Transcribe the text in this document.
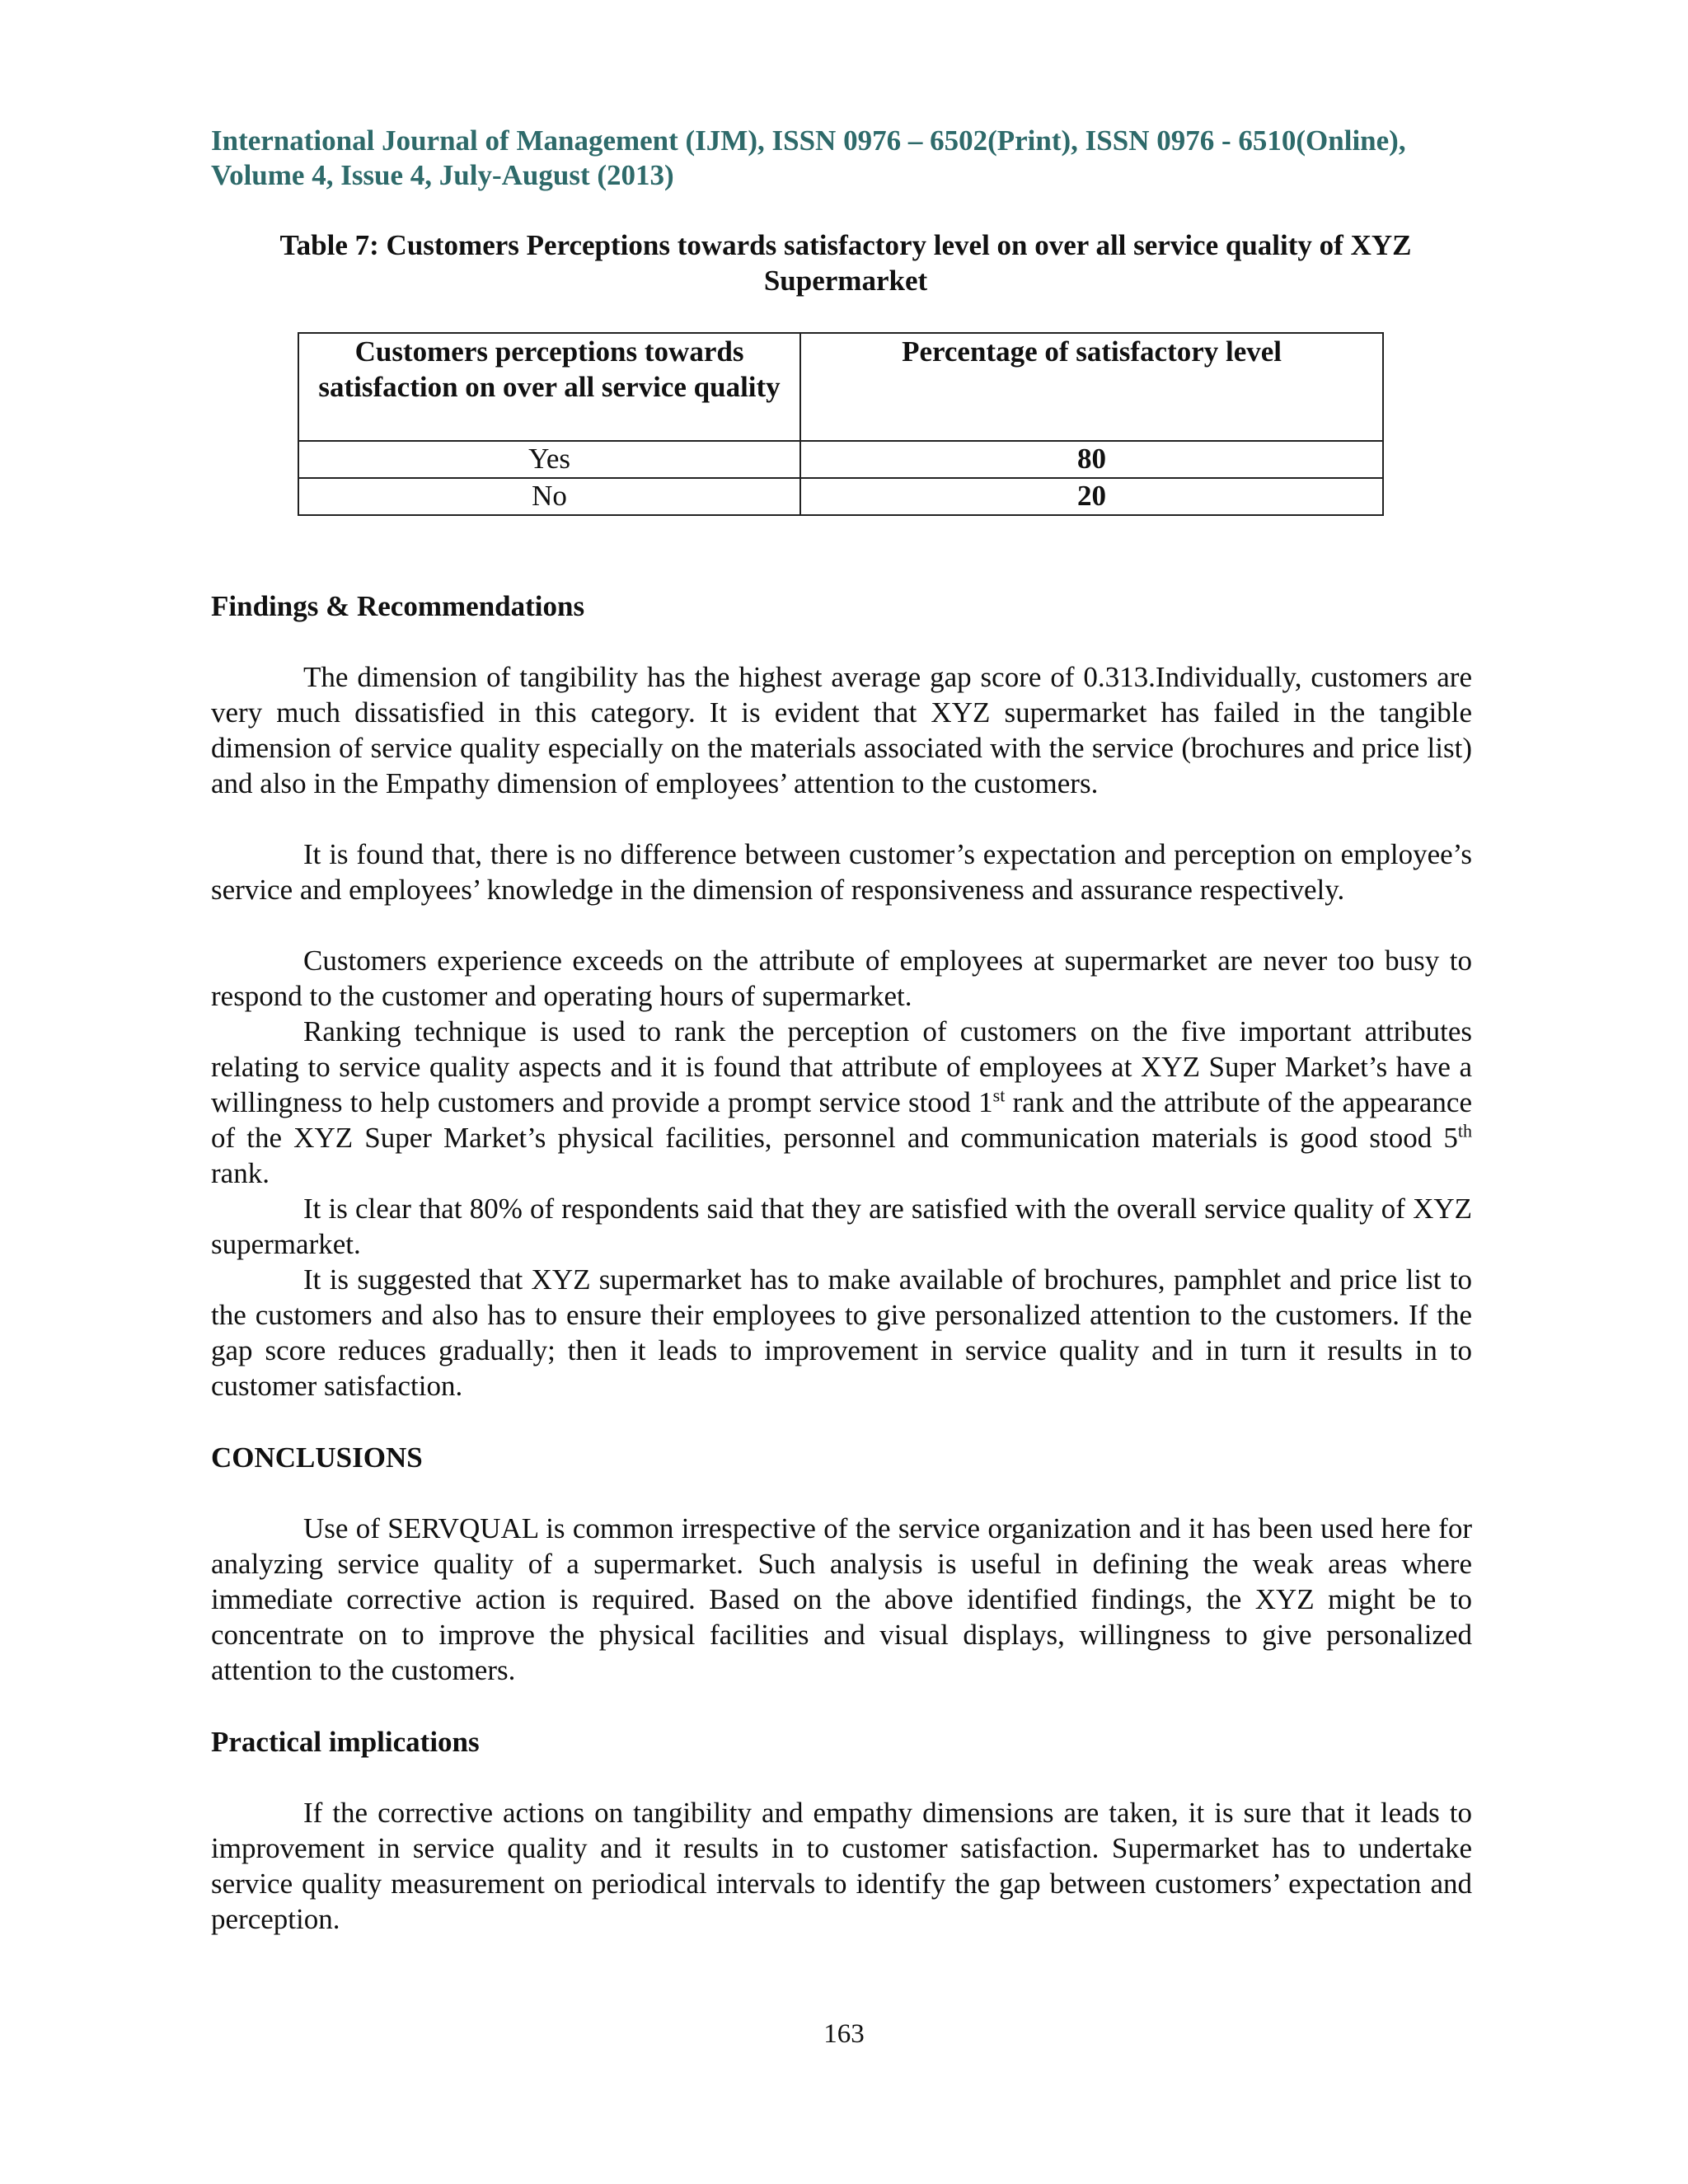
International Journal of Management (IJM), ISSN 0976 – 6502(Print), ISSN 0976 - 6510(Online),
Volume 4, Issue 4, July-August (2013)
Table 7: Customers Perceptions towards satisfactory level on over all service quality of XYZ
Supermarket
Customers perceptions towards satisfaction on over all service quality	Percentage of satisfactory level
Yes	80
No	20
Findings & Recommendations

The dimension of tangibility has the highest average gap score of 0.313.Individually, customers are very much dissatisfied in this category. It is evident that XYZ supermarket has failed in the tangible dimension of service quality especially on the materials associated with the service (brochures and price list) and also in the Empathy dimension of employees’ attention to the customers.

It is found that, there is no difference between customer’s expectation and perception on employee’s service and employees’ knowledge in the dimension of responsiveness and assurance respectively.

Customers experience exceeds on the attribute of employees at supermarket are never too busy to respond to the customer and operating hours of supermarket.

Ranking technique is used to rank the perception of customers on the five important attributes relating to service quality aspects and it is found that attribute of employees at XYZ Super Market’s have a willingness to help customers and provide a prompt service stood 1st rank and the attribute of the appearance of the XYZ Super Market’s physical facilities, personnel and communication materials is good stood 5th rank.

It is clear that 80% of respondents said that they are satisfied with the overall service quality of XYZ supermarket.

It is suggested that XYZ supermarket has to make available of brochures, pamphlet and price list to the customers and also has to ensure their employees to give personalized attention to the customers. If the gap score reduces gradually; then it leads to improvement in service quality and in turn it results in to customer satisfaction.

CONCLUSIONS

Use of SERVQUAL is common irrespective of the service organization and it has been used here for analyzing service quality of a supermarket. Such analysis is useful in defining the weak areas where immediate corrective action is required. Based on the above identified findings, the XYZ might be to concentrate on to improve the physical facilities and visual displays, willingness to give personalized attention to the customers.

Practical implications

If the corrective actions on tangibility and empathy dimensions are taken, it is sure that it leads to improvement in service quality and it results in to customer satisfaction. Supermarket has to undertake service quality measurement on periodical intervals to identify the gap between customers’ expectation and perception.

163
